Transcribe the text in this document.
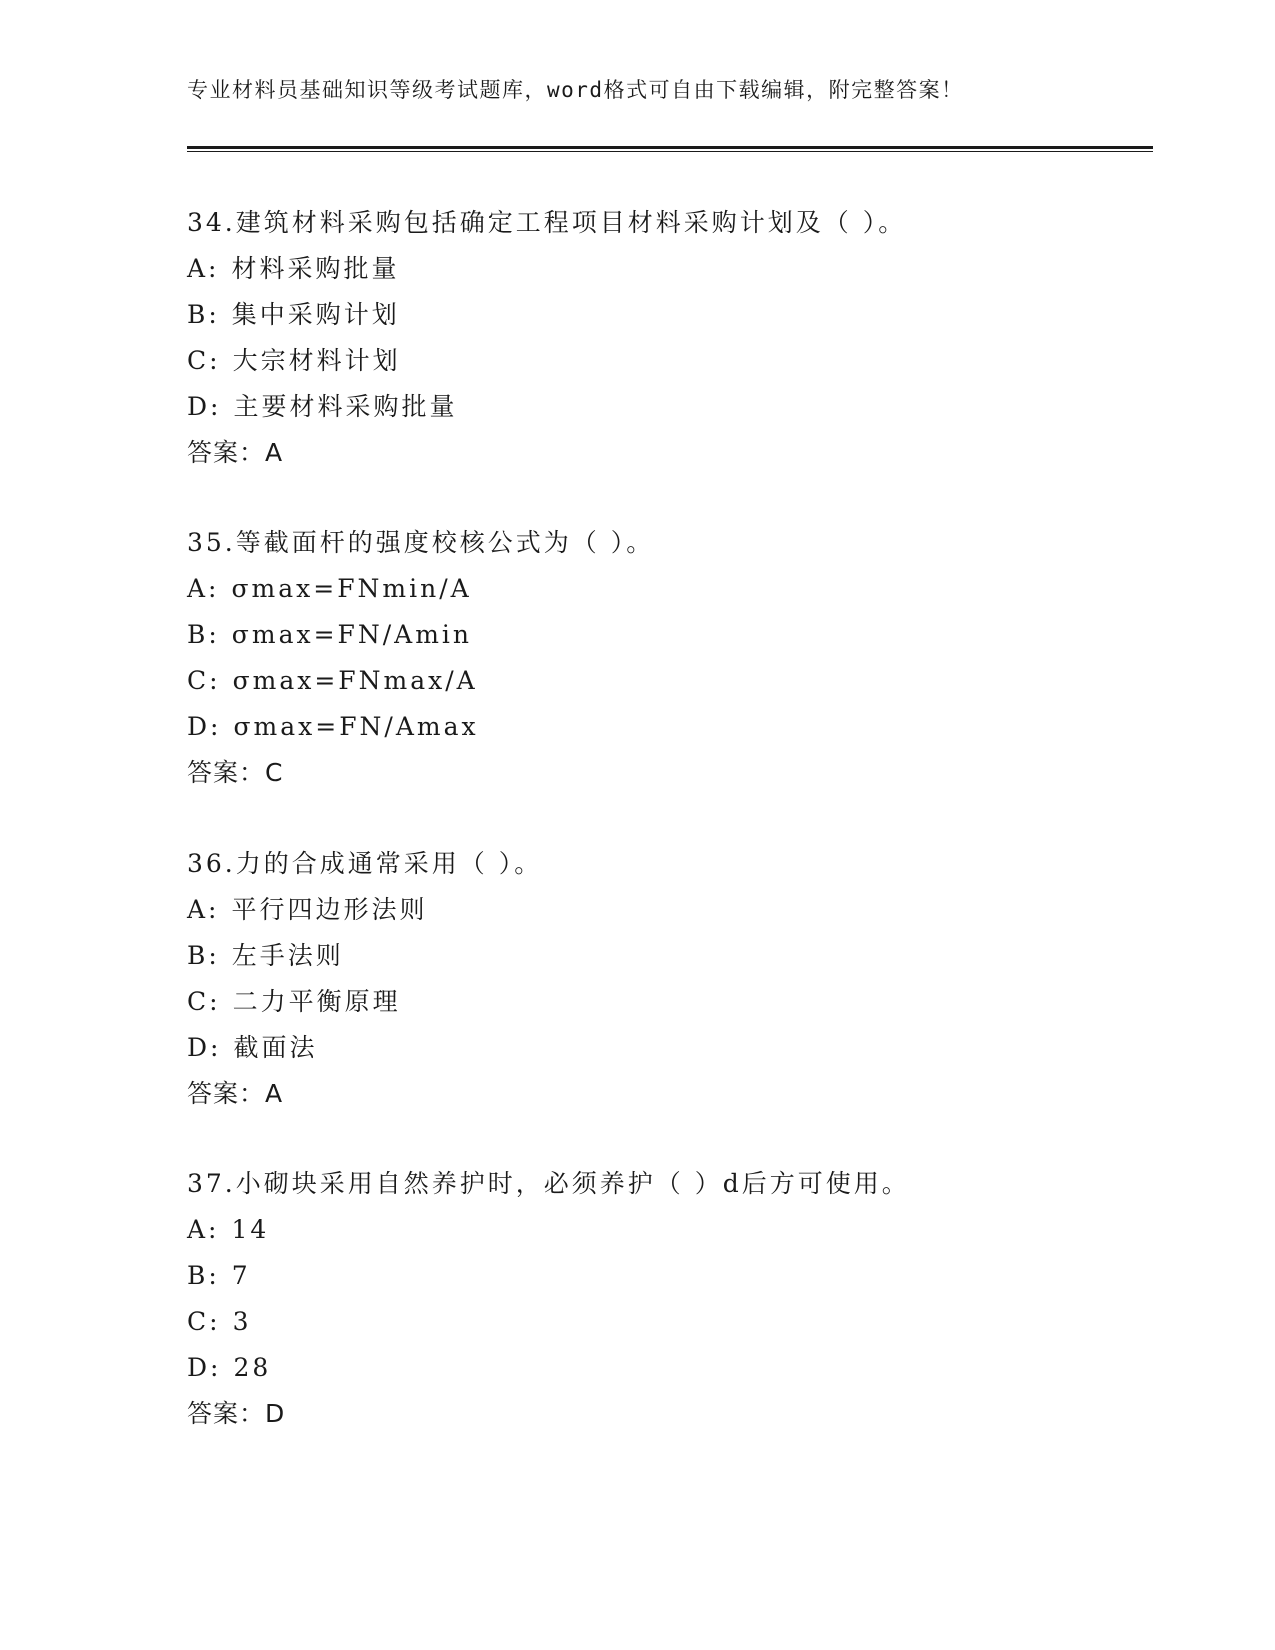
专业材料员基础知识等级考试题库，word格式可自由下载编辑，附完整答案！
34.建筑材料采购包括确定工程项目材料采购计划及（ ）。
A: 材料采购批量
B: 集中采购计划
C: 大宗材料计划
D: 主要材料采购批量
答案：A
35.等截面杆的强度校核公式为（ ）。
A: σmax=FNmin/A
B: σmax=FN/Amin
C: σmax=FNmax/A
D: σmax=FN/Amax
答案：C
36.力的合成通常采用（ ）。
A: 平行四边形法则
B: 左手法则
C: 二力平衡原理
D: 截面法
答案：A
37.小砌块采用自然养护时，必须养护（ ）d后方可使用。
A: 14
B: 7
C: 3
D: 28
答案：D
